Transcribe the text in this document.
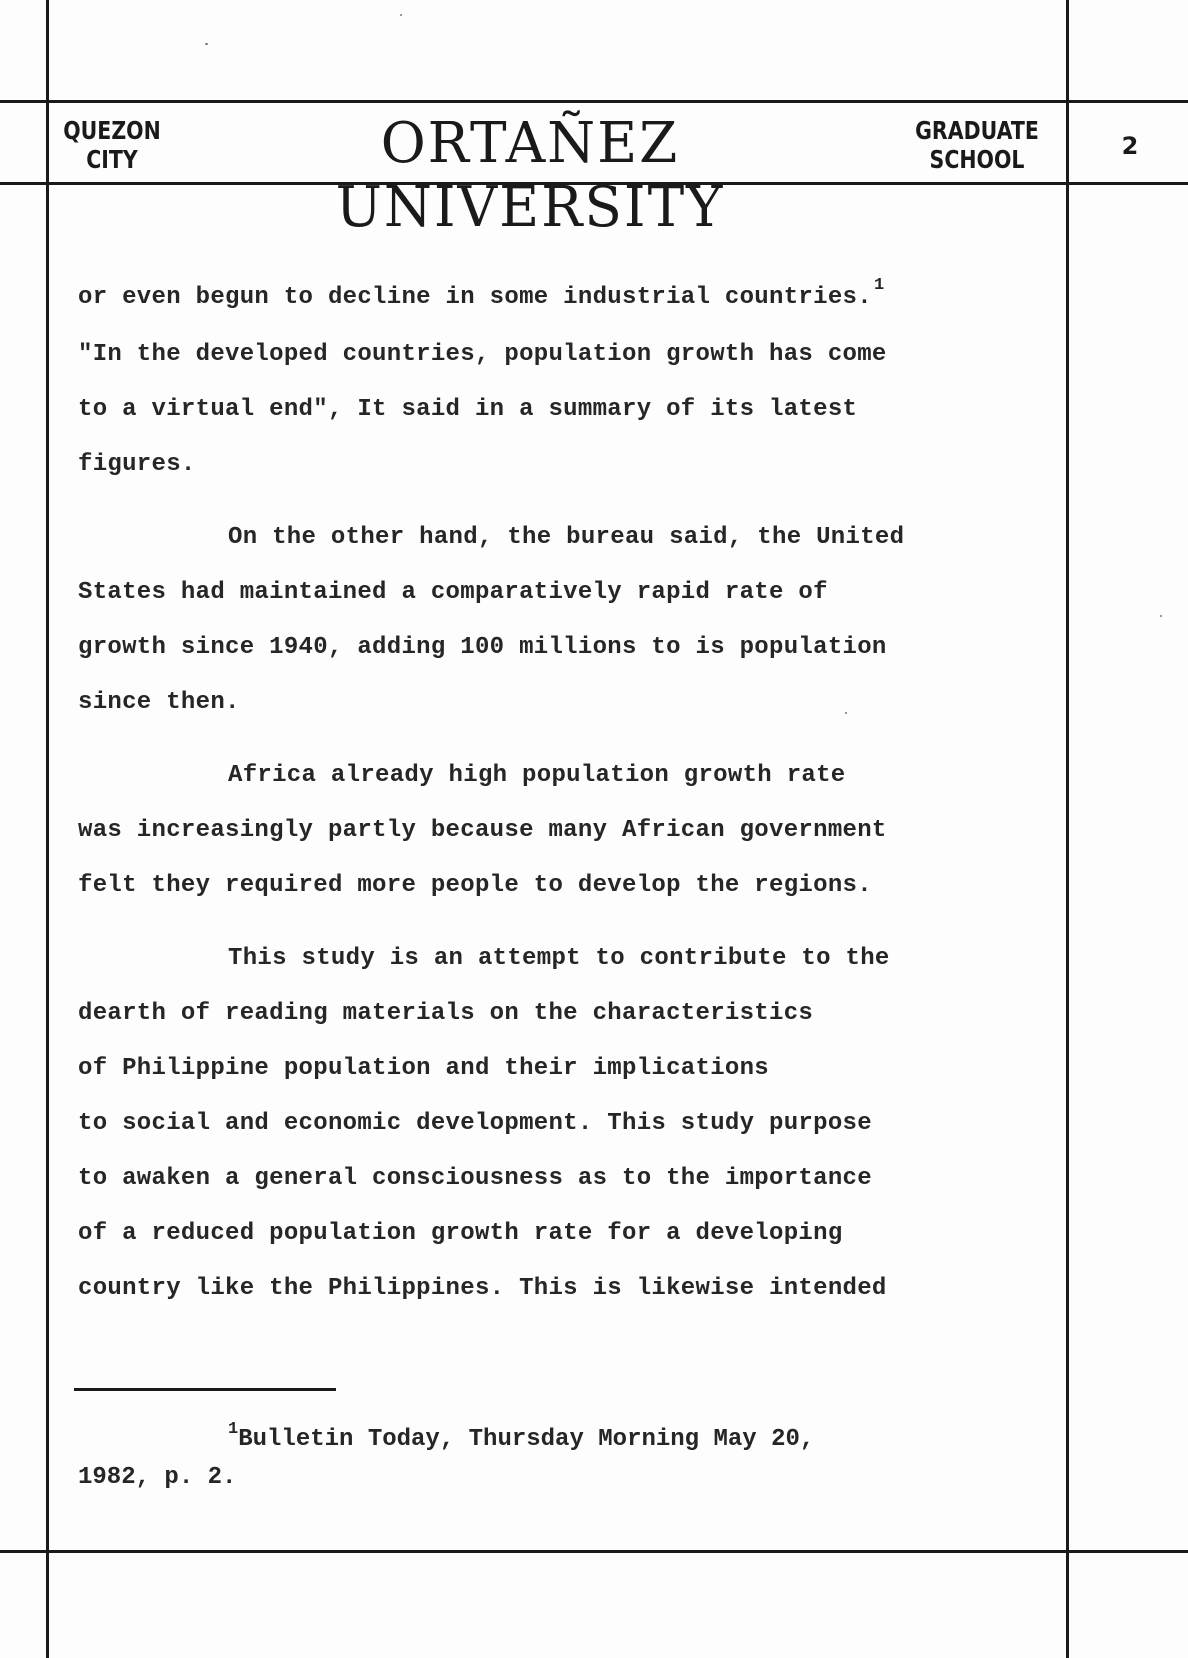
QUEZON
CITY	ORTAÑEZ UNIVERSITY
GRADUATE
SCHOOL	2

or even begun to decline in some industrial countries. $^1$
"In the developed countries, population growth has come
to a virtual end", It said in a summary of its latest
figures.

On the other hand, the bureau said, the United
States had maintained a comparatively rapid rate of
growth since 1940, adding 100 millions to is population
since then.

Africa already high population growth rate
was increasingly partly because many African government
felt they required more people to develop the regions.

This study is an attempt to contribute to the
dearth of reading materials on the characteristics
of Philippine population and their implications
to social and economic development. This study purpose
to awaken a general consciousness as to the importance
of a reduced population growth rate for a developing
country like the Philippines. This is likewise intended

$^1$Bulletin Today, Thursday Morning May 20,
1982, p. 2.
